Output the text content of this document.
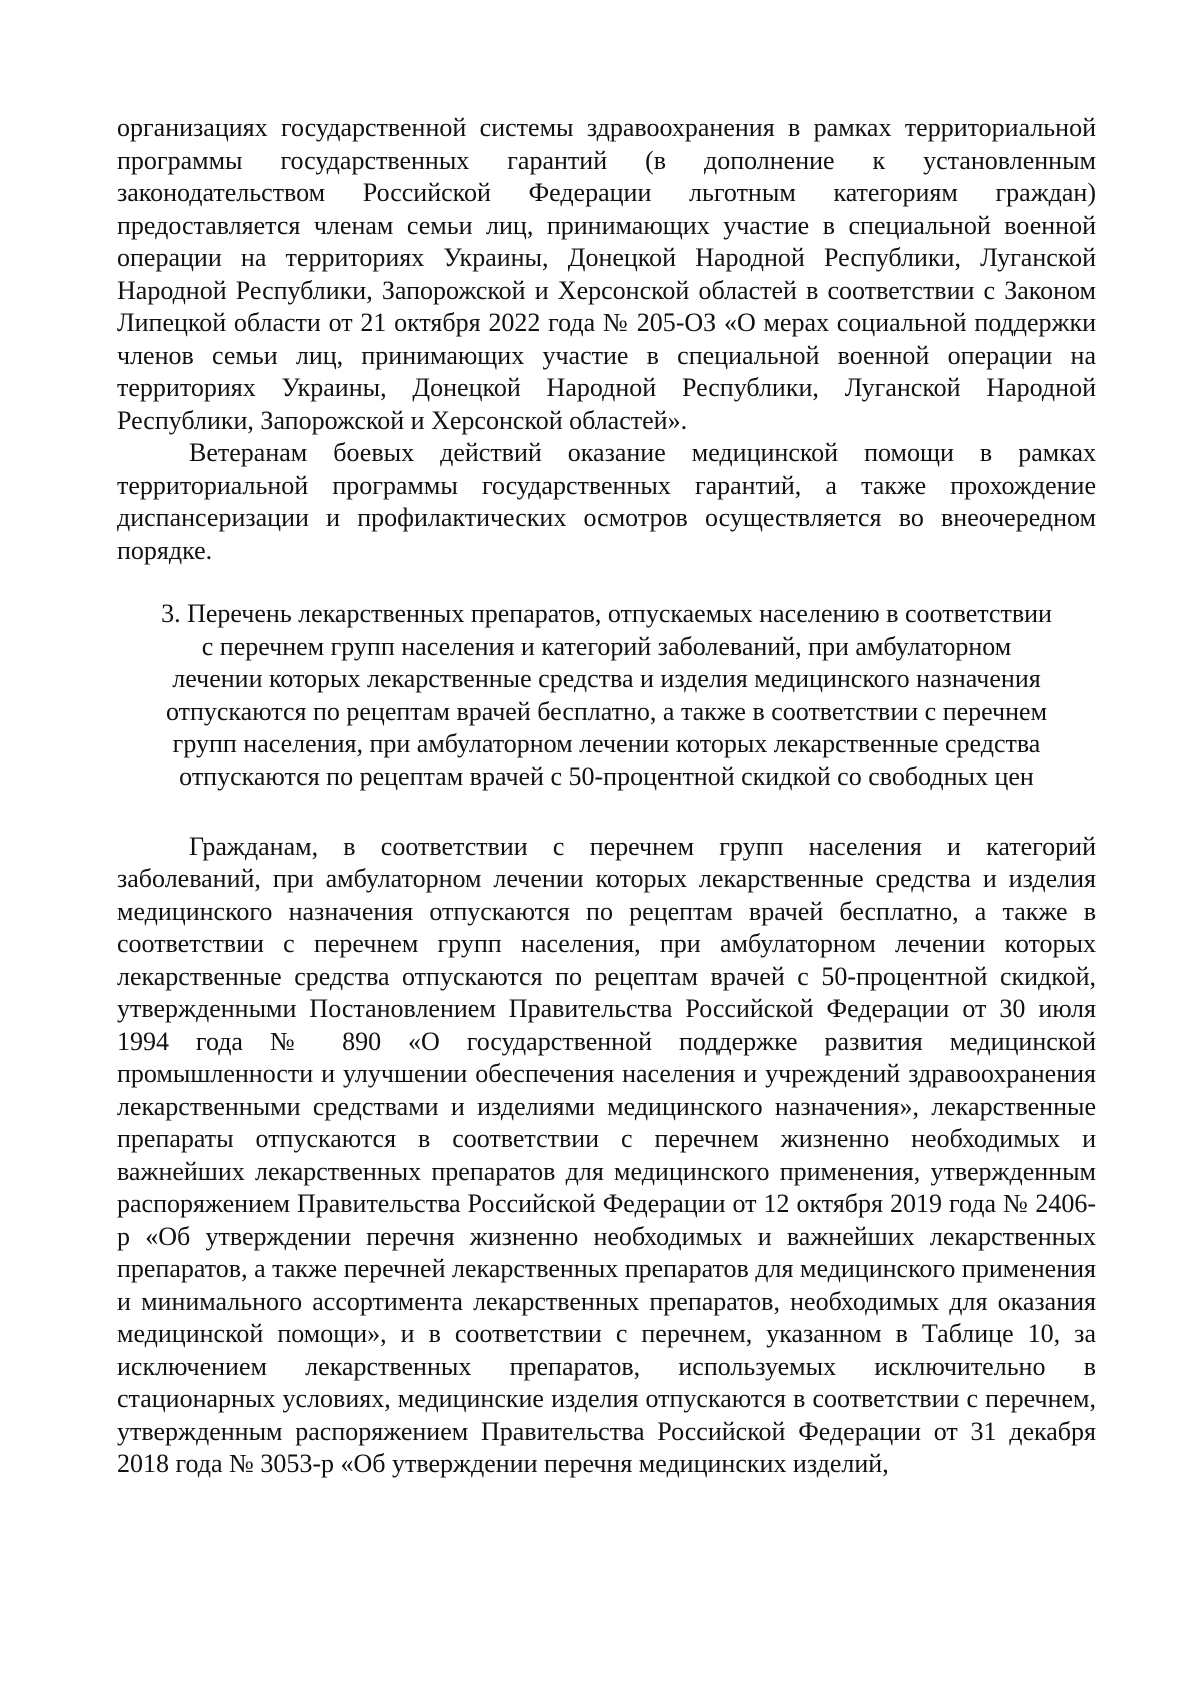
организациях государственной системы здравоохранения в рамках территориальной программы государственных гарантий (в дополнение к установленным законодательством Российской Федерации льготным категориям граждан) предоставляется членам семьи лиц, принимающих участие в специальной военной операции на территориях Украины, Донецкой Народной Республики, Луганской Народной Республики, Запорожской и Херсонской областей в соответствии с Законом Липецкой области от 21 октября 2022 года № 205-ОЗ «О мерах социальной поддержки членов семьи лиц, принимающих участие в специальной военной операции на территориях Украины, Донецкой Народной Республики, Луганской Народной Республики, Запорожской и Херсонской областей».

Ветеранам боевых действий оказание медицинской помощи в рамках территориальной программы государственных гарантий, а также прохождение диспансеризации и профилактических осмотров осуществляется во внеочередном порядке.

3. Перечень лекарственных препаратов, отпускаемых населению в соответствии

с перечнем групп населения и категорий заболеваний, при амбулаторном

лечении которых лекарственные средства и изделия медицинского назначения

отпускаются по рецептам врачей бесплатно, а также в соответствии с перечнем

групп населения, при амбулаторном лечении которых лекарственные средства

отпускаются по рецептам врачей с 50-процентной скидкой со свободных цен

Гражданам, в соответствии с перечнем групп населения и категорий заболеваний, при амбулаторном лечении которых лекарственные средства и изделия медицинского назначения отпускаются по рецептам врачей бесплатно, а также в соответствии с перечнем групп населения, при амбулаторном лечении которых лекарственные средства отпускаются по рецептам врачей с 50-процентной скидкой, утвержденными Постановлением Правительства Российской Федерации от 30 июля 1994 года № 890 «О государственной поддержке развития медицинской промышленности и улучшении обеспечения населения и учреждений здравоохранения лекарственными средствами и изделиями медицинского назначения», лекарственные препараты отпускаются в соответствии с перечнем жизненно необходимых и важнейших лекарственных препаратов для медицинского применения, утвержденным распоряжением Правительства Российской Федерации от 12 октября 2019 года № 2406-р «Об утверждении перечня жизненно необходимых и важнейших лекарственных препаратов, а также перечней лекарственных препаратов для медицинского применения и минимального ассортимента лекарственных препаратов, необходимых для оказания медицинской помощи», и в соответствии с перечнем, указанном в Таблице 10, за исключением лекарственных препаратов, используемых исключительно в стационарных условиях, медицинские изделия отпускаются в соответствии с перечнем, утвержденным распоряжением Правительства Российской Федерации от 31 декабря 2018 года № 3053-р «Об утверждении перечня медицинских изделий,
